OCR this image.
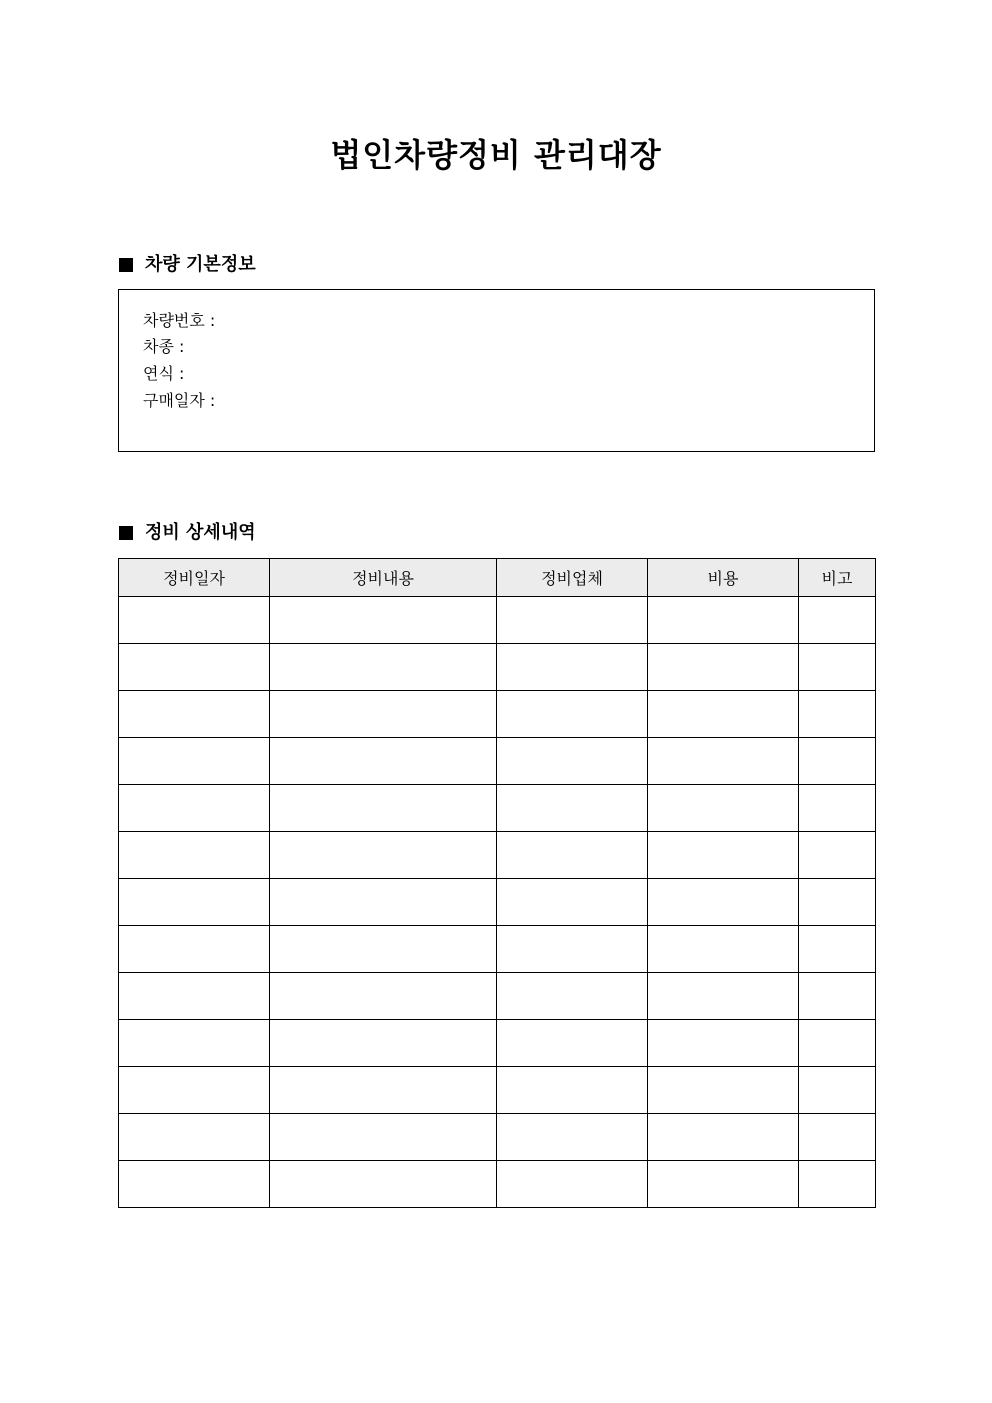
법인차량정비 관리대장
차량 기본정보
차량번호 :
차종 :
연식 :
구매일자 :
정비 상세내역
정비일자	정비내용	정비업체	비용	비고
